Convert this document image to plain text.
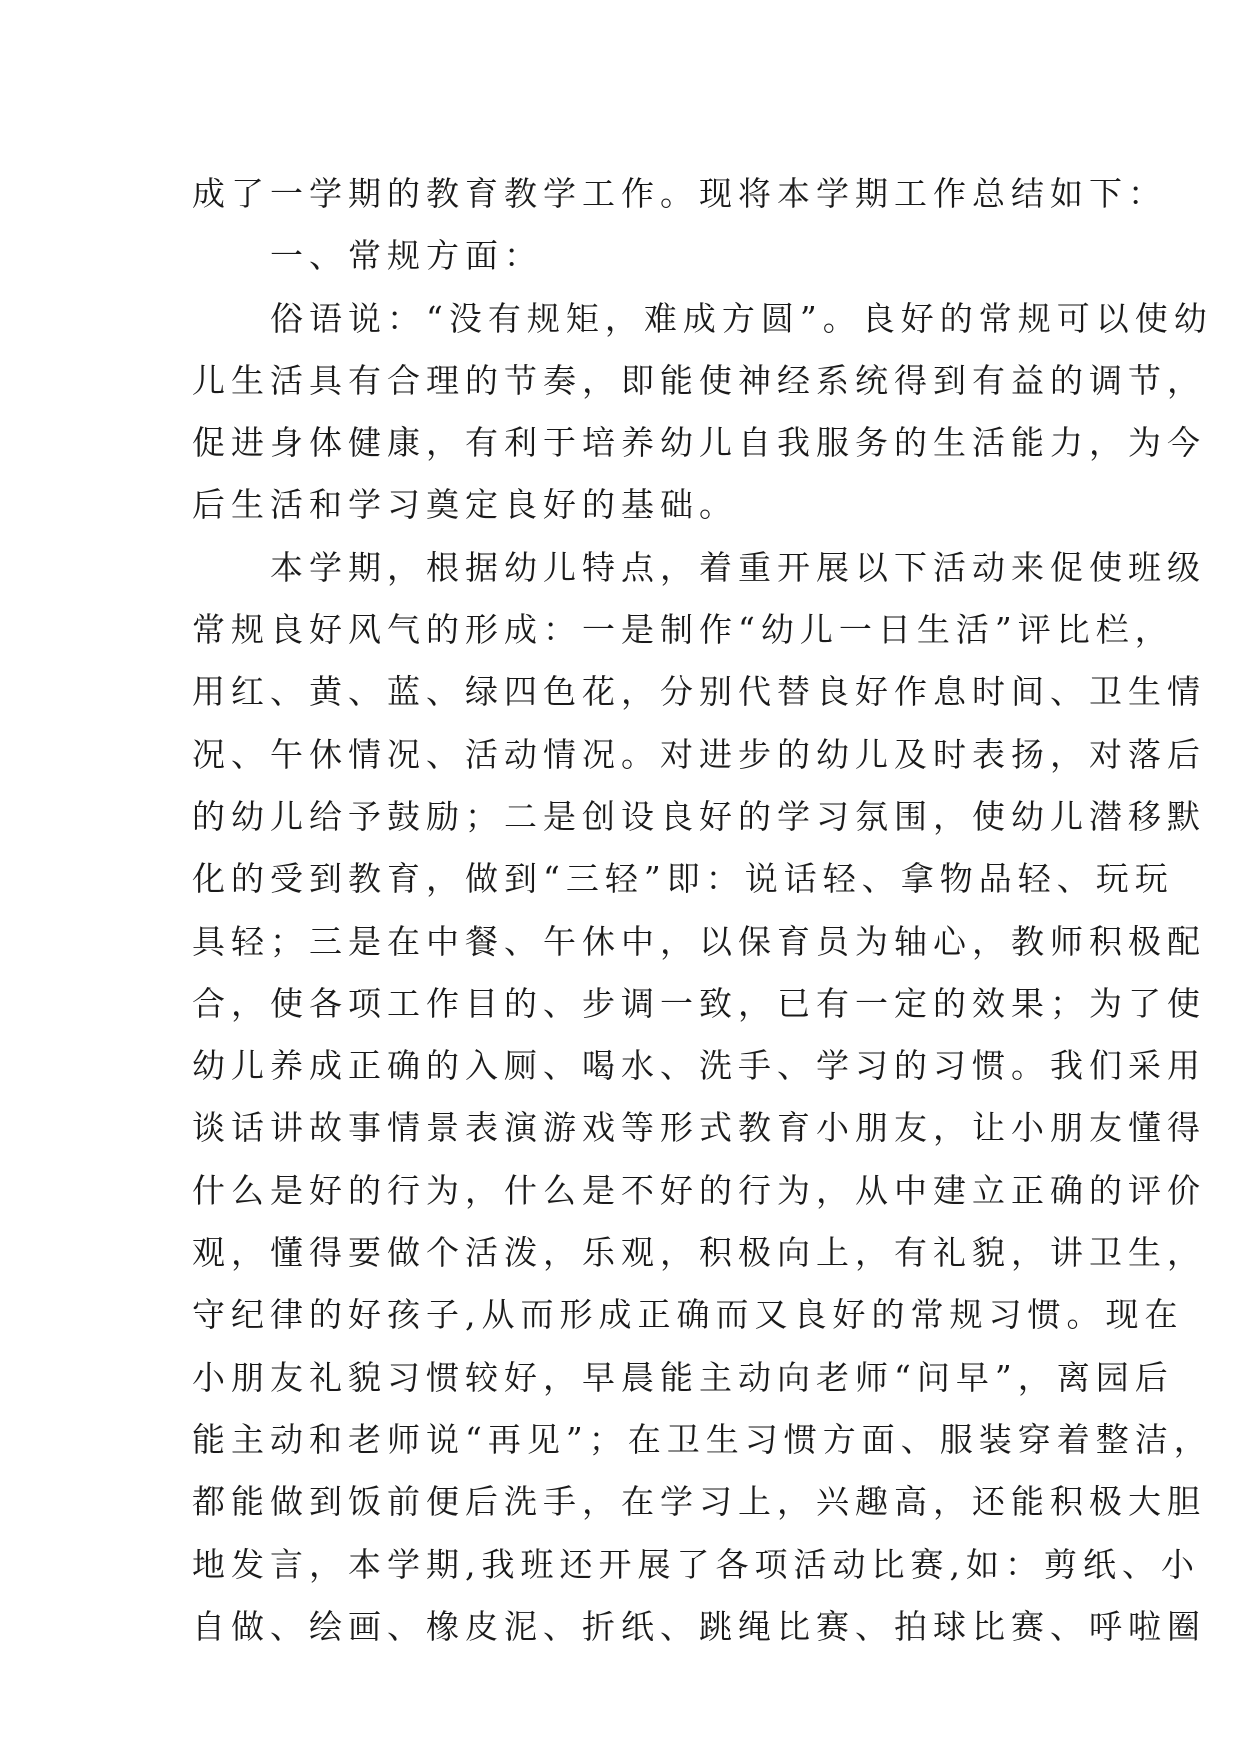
成了一学期的教育教学工作。现将本学期工作总结如下：
　　一、常规方面：
　　俗语说：“没有规矩，难成方圆”。良好的常规可以使幼
儿生活具有合理的节奏，即能使神经系统得到有益的调节，
促进身体健康，有利于培养幼儿自我服务的生活能力，为今
后生活和学习奠定良好的基础。
　　本学期，根据幼儿特点，着重开展以下活动来促使班级
常规良好风气的形成：一是制作“幼儿一日生活”评比栏，
用红、黄、蓝、绿四色花，分别代替良好作息时间、卫生情
况、午休情况、活动情况。对进步的幼儿及时表扬，对落后
的幼儿给予鼓励；二是创设良好的学习氛围，使幼儿潜移默
化的受到教育，做到“三轻”即：说话轻、拿物品轻、玩玩
具轻；三是在中餐、午休中，以保育员为轴心，教师积极配
合，使各项工作目的、步调一致，已有一定的效果；为了使
幼儿养成正确的入厕、喝水、洗手、学习的习惯。我们采用
谈话讲故事情景表演游戏等形式教育小朋友，让小朋友懂得
什么是好的行为，什么是不好的行为，从中建立正确的评价
观，懂得要做个活泼，乐观，积极向上，有礼貌，讲卫生，
守纪律的好孩子,从而形成正确而又良好的常规习惯。现在
小朋友礼貌习惯较好，早晨能主动向老师“问早”，离园后
能主动和老师说“再见”；在卫生习惯方面、服装穿着整洁，
都能做到饭前便后洗手，在学习上，兴趣高，还能积极大胆
地发言，本学期,我班还开展了各项活动比赛,如：剪纸、小
自做、绘画、橡皮泥、折纸、跳绳比赛、拍球比赛、呼啦圈
